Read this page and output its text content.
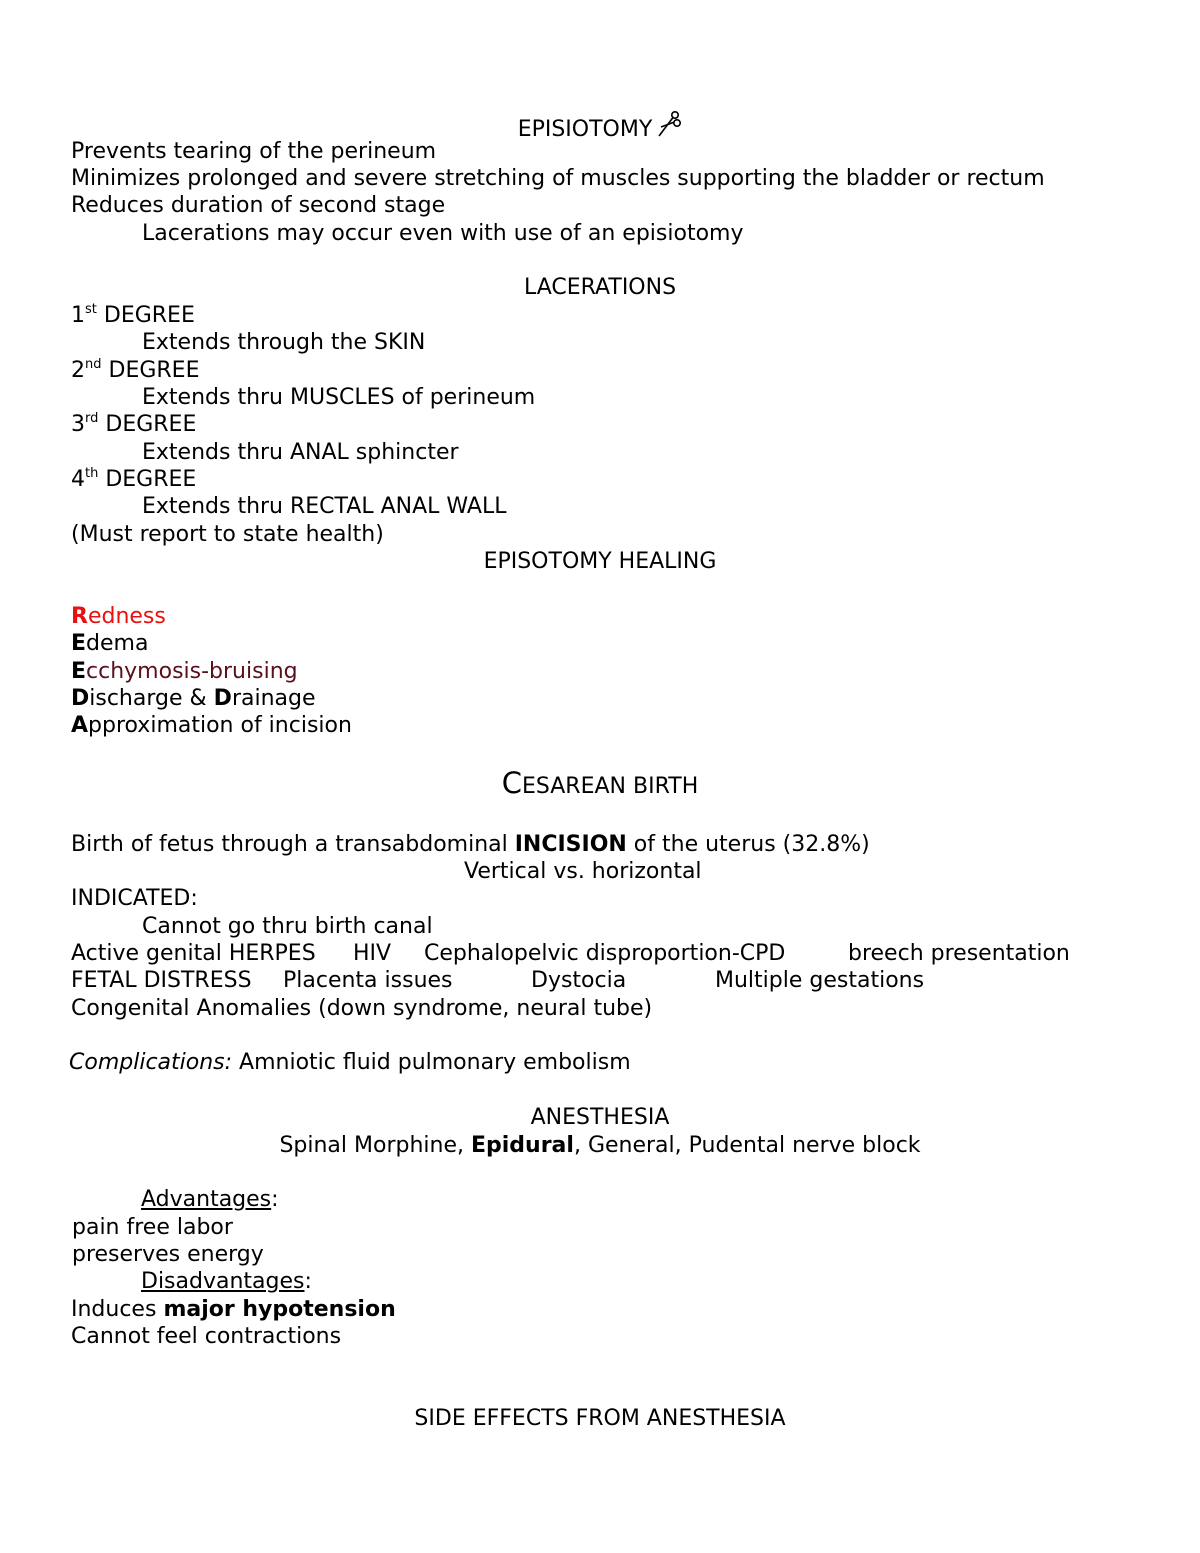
EPISIOTOMY
Prevents tearing of the perineum
Minimizes prolonged and severe stretching of muscles supporting the bladder or rectum
Reduces duration of second stage
Lacerations may occur even with use of an episiotomy
LACERATIONS
1st DEGREE
Extends through the SKIN
2nd DEGREE
Extends thru MUSCLES of perineum
3rd DEGREE
Extends thru ANAL sphincter
4th DEGREE
Extends thru RECTAL ANAL WALL
(Must report to state health)
EPISOTOMY HEALING
Redness
Edema
Ecchymosis-bruising
Discharge & Drainage
Approximation of incision
CESAREAN BIRTH
Birth of fetus through a transabdominal INCISION of the uterus (32.8%)
Vertical vs. horizontal
INDICATED:
Cannot go thru birth canal
Active genital HERPES HIV Cephalopelvic disproportion-CPD	breech presentation
FETAL DISTRESS Placenta issues	Dystocia	Multiple gestations
Congenital Anomalies (down syndrome, neural tube)
Complications: Amniotic fluid pulmonary embolism
ANESTHESIA
Spinal Morphine, Epidural, General, Pudental nerve block
Advantages:
pain free labor
preserves energy
Disadvantages:
Induces major hypotension
Cannot feel contractions
SIDE EFFECTS FROM ANESTHESIA
